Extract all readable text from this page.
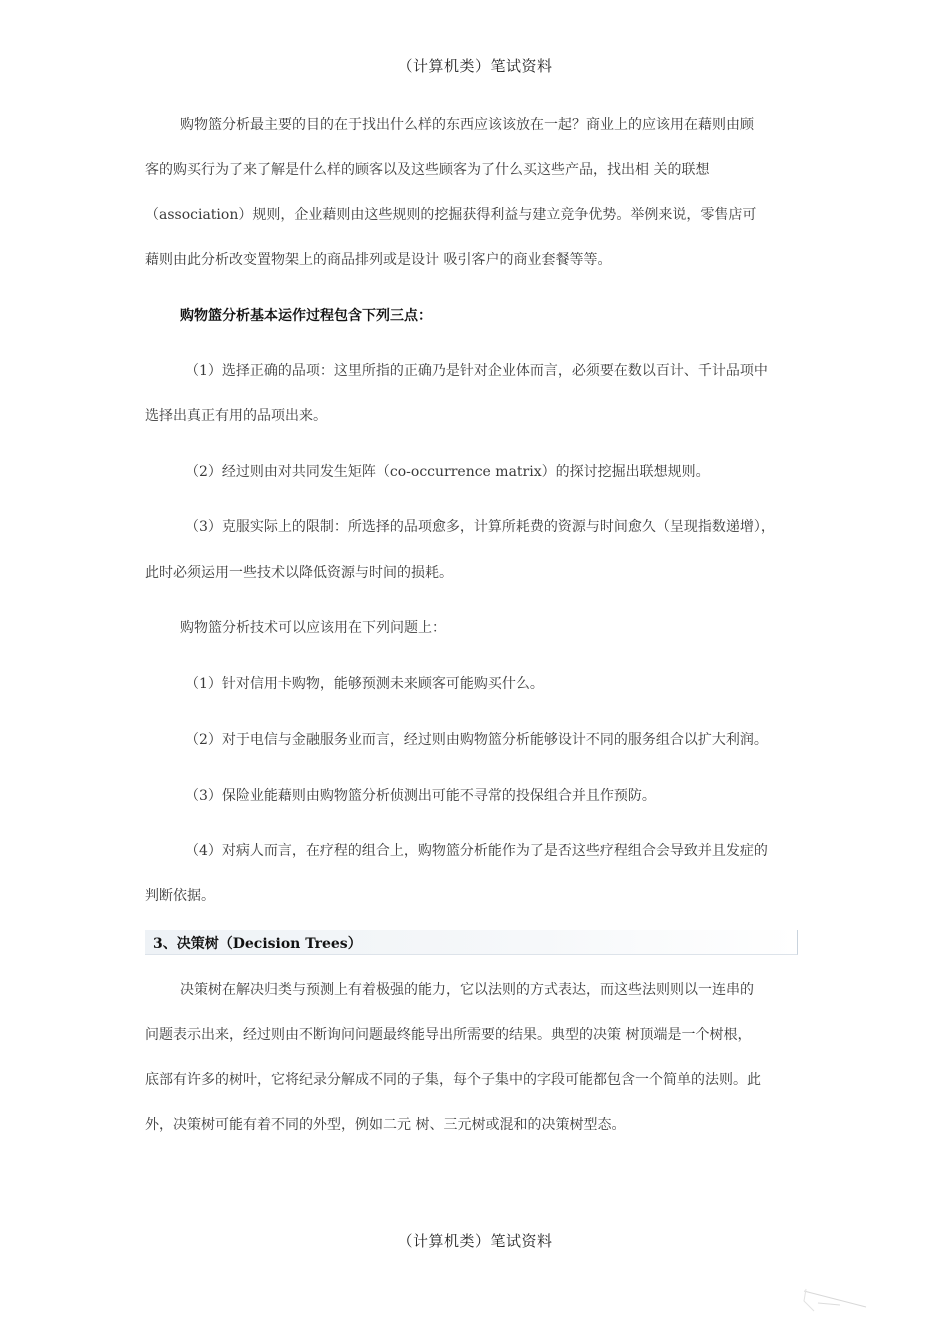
（计算机类）笔试资料
购物篮分析最主要的目的在于找出什么样的东西应该该放在一起？商业上的应该用在藉则由顾
客的购买行为了来了解是什么样的顾客以及这些顾客为了什么买这些产品，找出相 关的联想
（association）规则，企业藉则由这些规则的挖掘获得利益与建立竞争优势。举例来说，零售店可
藉则由此分析改变置物架上的商品排列或是设计 吸引客户的商业套餐等等。
购物篮分析基本运作过程包含下列三点：
（1）选择正确的品项：这里所指的正确乃是针对企业体而言，必须要在数以百计、千计品项中
选择出真正有用的品项出来。
（2）经过则由对共同发生矩阵（co-occurrence matrix）的探讨挖掘出联想规则。
（3）克服实际上的限制：所选择的品项愈多，计算所耗费的资源与时间愈久（呈现指数递增），
此时必须运用一些技术以降低资源与时间的损耗。
购物篮分析技术可以应该用在下列问题上：
（1）针对信用卡购物，能够预测未来顾客可能购买什么。
（2）对于电信与金融服务业而言，经过则由购物篮分析能够设计不同的服务组合以扩大利润。
（3）保险业能藉则由购物篮分析侦测出可能不寻常的投保组合并且作预防。
（4）对病人而言，在疗程的组合上，购物篮分析能作为了是否这些疗程组合会导致并且发症的
判断依据。
3、决策树（Decision Trees）
决策树在解决归类与预测上有着极强的能力，它以法则的方式表达，而这些法则则以一连串的
问题表示出来，经过则由不断询问问题最终能导出所需要的结果。典型的决策 树顶端是一个树根，
底部有许多的树叶，它将纪录分解成不同的子集，每个子集中的字段可能都包含一个简单的法则。此
外，决策树可能有着不同的外型，例如二元 树、三元树或混和的决策树型态。
（计算机类）笔试资料
